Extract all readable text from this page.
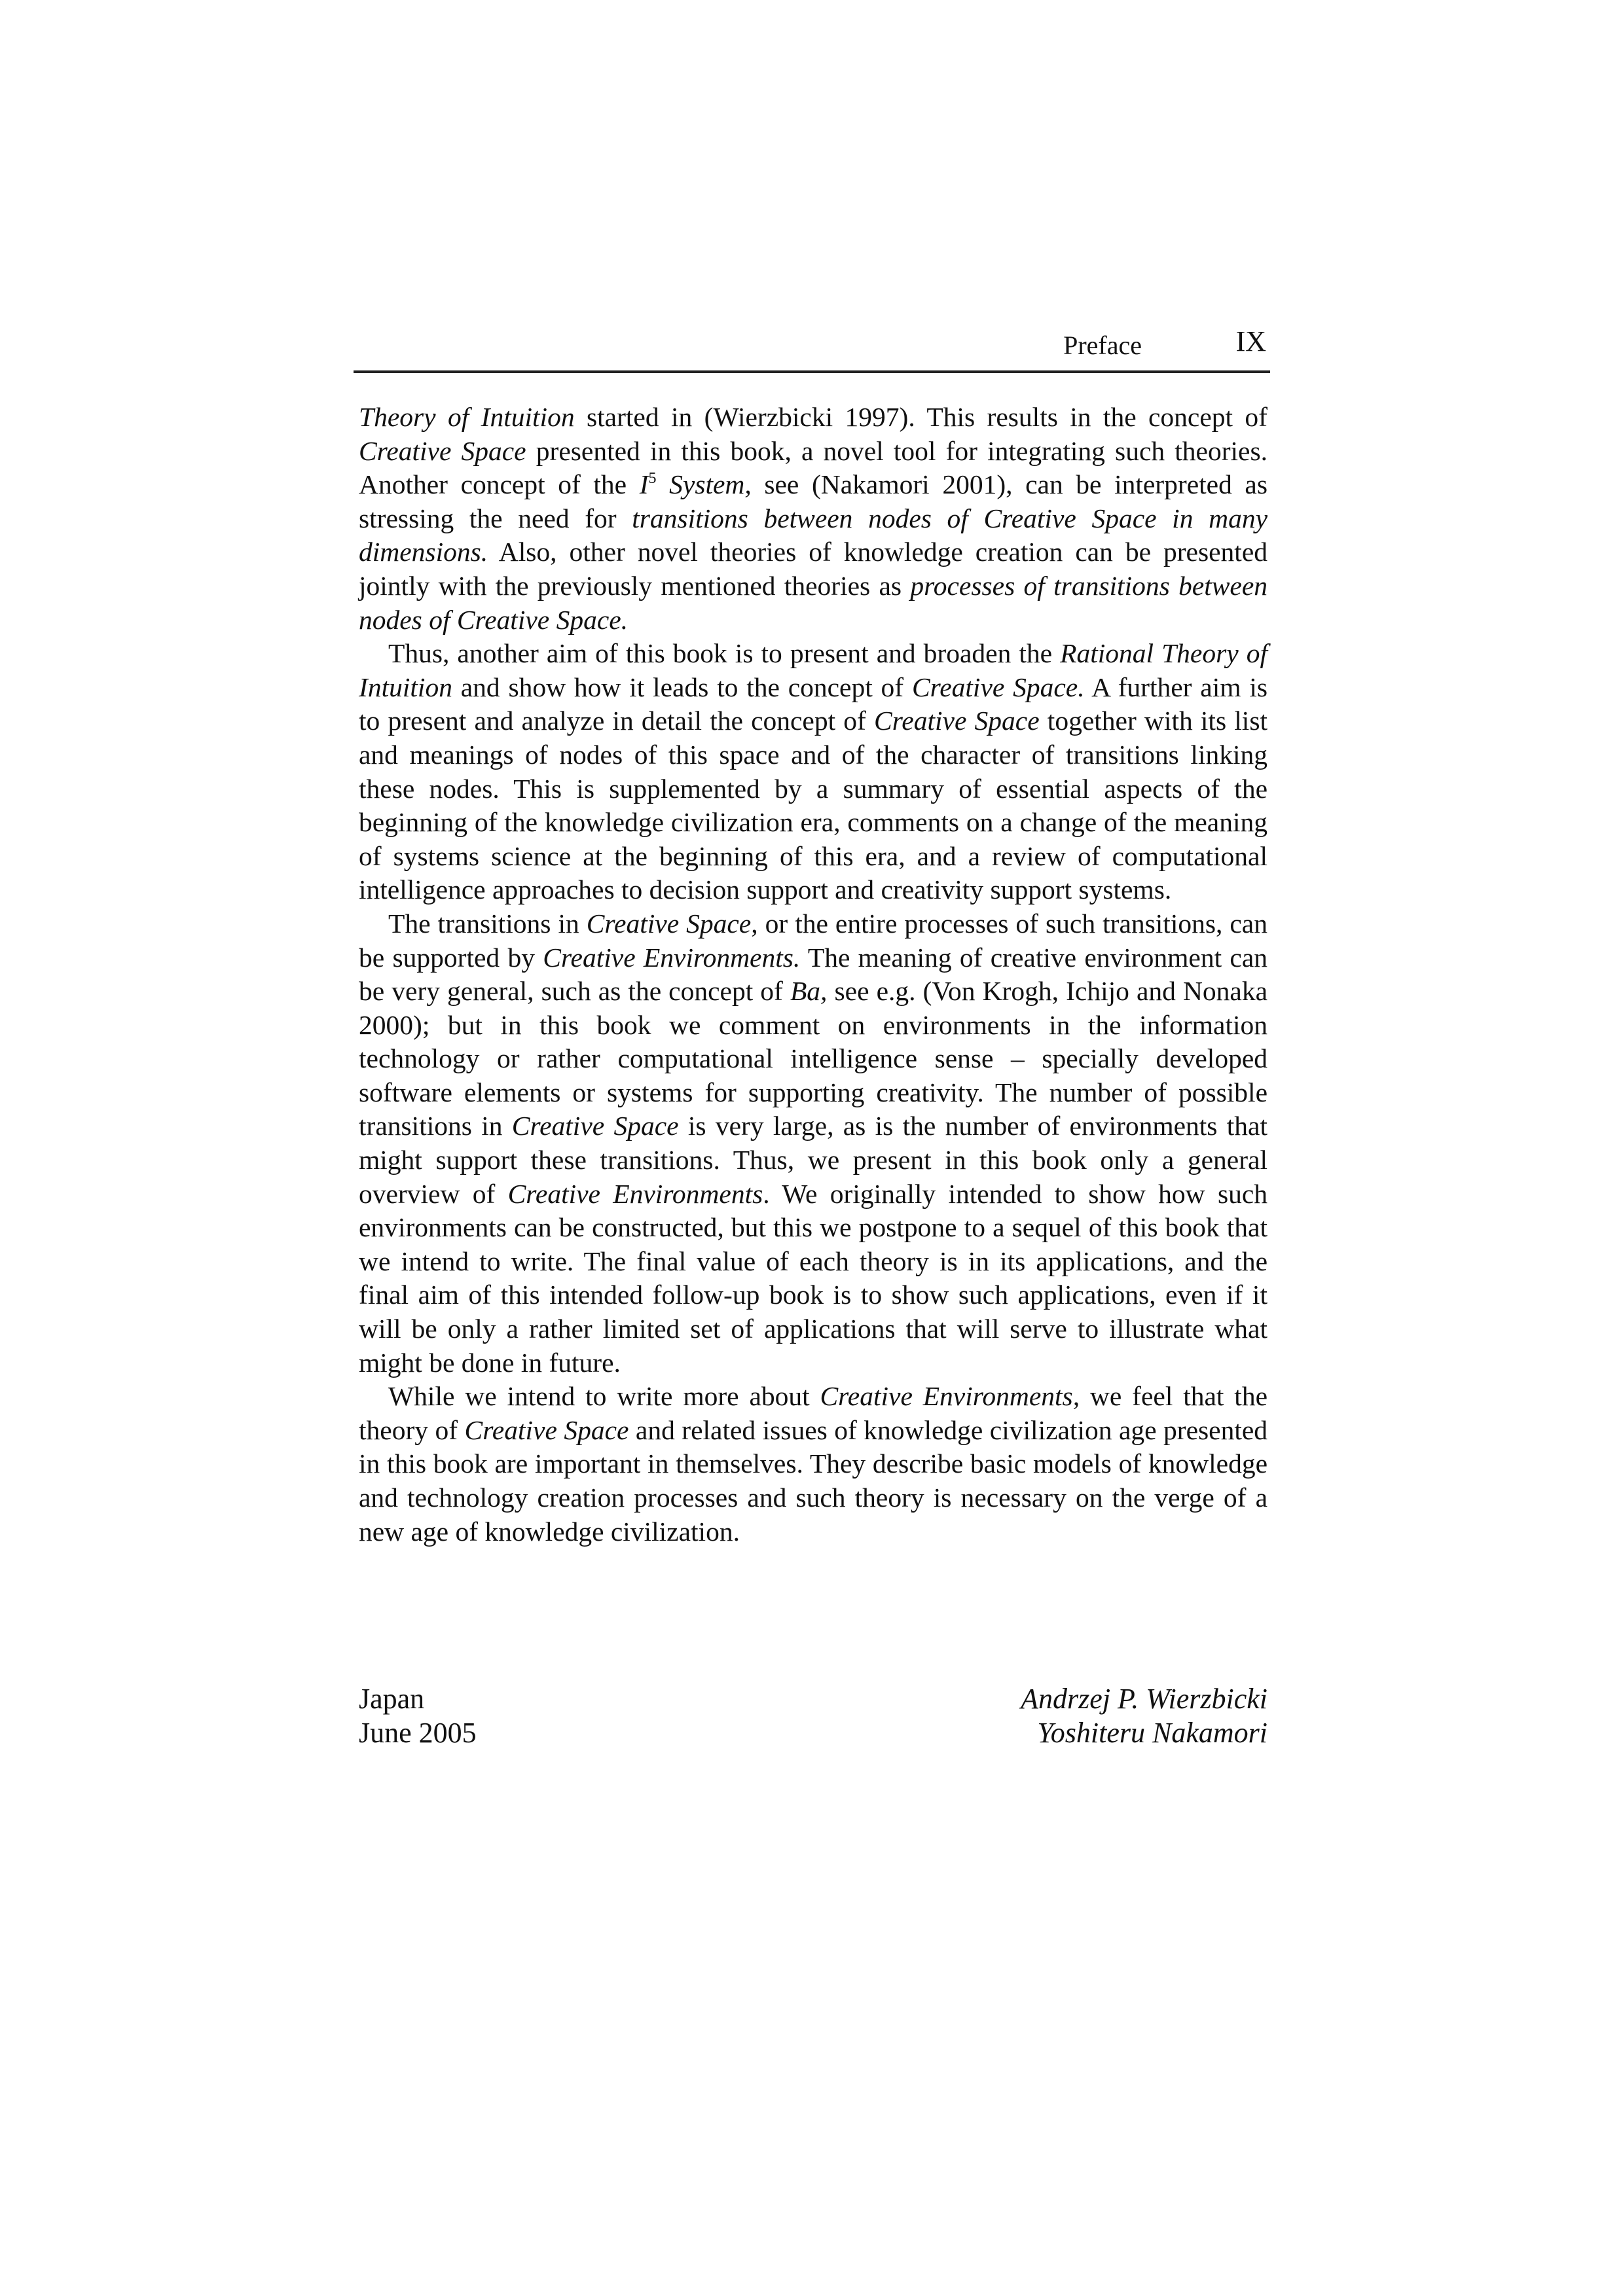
Preface	IX

Theory of Intuition started in (Wierzbicki 1997). This results in the concept of Creative Space presented in this book, a novel tool for integrating such theories. Another concept of the $I^5$ System, see (Nakamori 2001), can be interpreted as stressing the need for transitions between nodes of Creative Space in many dimensions. Also, other novel theories of knowledge creation can be presented jointly with the previously mentioned theories as processes of transitions between nodes of Creative Space.

Thus, another aim of this book is to present and broaden the Rational Theory of Intuition and show how it leads to the concept of Creative Space. A further aim is to present and analyze in detail the concept of Creative Space together with its list and meanings of nodes of this space and of the character of transitions linking these nodes. This is supplemented by a summary of essential aspects of the beginning of the knowledge civilization era, comments on a change of the meaning of systems science at the beginning of this era, and a review of computational intelligence approaches to decision support and creativity support systems.

The transitions in Creative Space, or the entire processes of such transitions, can be supported by Creative Environments. The meaning of creative environment can be very general, such as the concept of Ba, see e.g. (Von Krogh, Ichijo and Nonaka 2000); but in this book we comment on environments in the information technology or rather computational intelligence sense – specially developed software elements or systems for supporting creativity. The number of possible transitions in Creative Space is very large, as is the number of environments that might support these transitions. Thus, we present in this book only a general overview of Creative Environments. We originally intended to show how such environments can be constructed, but this we postpone to a sequel of this book that we intend to write. The final value of each theory is in its applications, and the final aim of this intended follow-up book is to show such applications, even if it will be only a rather limited set of applications that will serve to illustrate what might be done in future.

While we intend to write more about Creative Environments, we feel that the theory of Creative Space and related issues of knowledge civilization age presented in this book are important in themselves. They describe basic models of knowledge and technology creation processes and such theory is necessary on the verge of a new age of knowledge civilization.

Japan
June 2005
Andrzej P. Wierzbicki
Yoshiteru Nakamori
